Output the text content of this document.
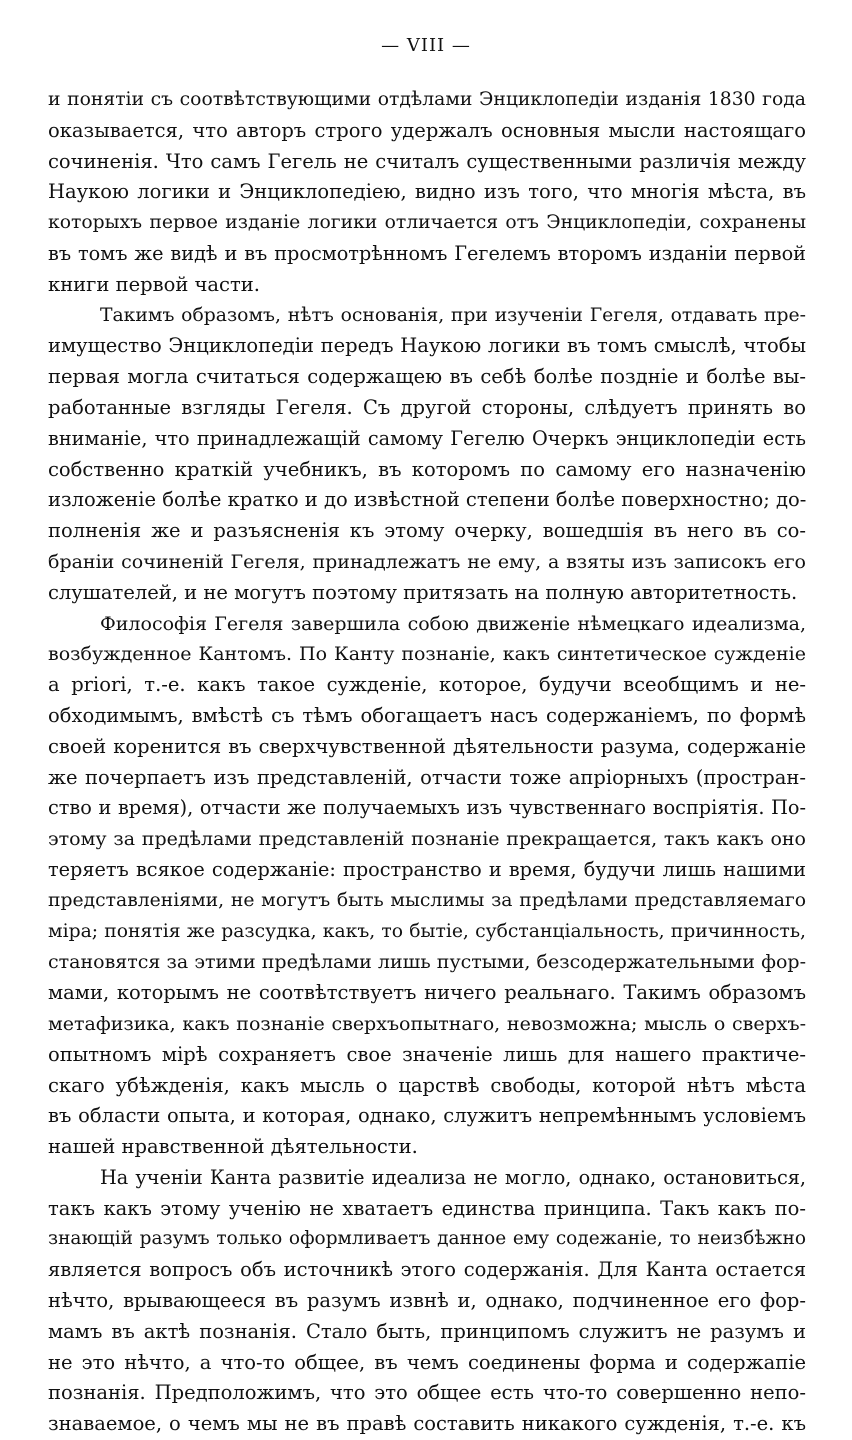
— VIII —
и понятіи съ соотвѣтствующими отдѣлами Энциклопедіи изданія 1830 года
оказывается, что авторъ строго удержалъ основныя мысли настоящаго
сочиненія. Что самъ Гегель не считалъ существенными различія между
Наукою логики и Энциклопедіею, видно изъ того, что многія мѣста, въ
которыхъ первое изданіе логики отличается отъ Энциклопедіи, сохранены
въ томъ же видѣ и въ просмотрѣнномъ Гегелемъ второмъ изданіи первой
книги первой части.
Такимъ образомъ, нѣтъ основанія, при изученіи Гегеля, отдавать пре-
имущество Энциклопедіи передъ Наукою логики въ томъ смыслѣ, чтобы
первая могла считаться содержащею въ себѣ болѣе поздніе и болѣе вы-
работанные взгляды Гегеля. Съ другой стороны, слѣдуетъ принять во
вниманіе, что принадлежащій самому Гегелю Очеркъ энциклопедіи есть
собственно краткій учебникъ, въ которомъ по самому его назначенію
изложеніе болѣе кратко и до извѣстной степени болѣе поверхностно; до-
полненія же и разъясненія къ этому очерку, вошедшія въ него въ со-
браніи сочиненій Гегеля, принадлежатъ не ему, а взяты изъ записокъ его
слушателей, и не могутъ поэтому притязать на полную авторитетность.
Философія Гегеля завершила собою движеніе нѣмецкаго идеализма,
возбужденное Кантомъ. По Канту познаніе, какъ синтетическое сужденіе
a priori, т.-е. какъ такое сужденіе, которое, будучи всеобщимъ и не-
обходимымъ, вмѣстѣ съ тѣмъ обогащаетъ насъ содержаніемъ, по формѣ
своей коренится въ сверхчувственной дѣятельности разума, содержаніе
же почерпаетъ изъ представленій, отчасти тоже апріорныхъ (простран-
ство и время), отчасти же получаемыхъ изъ чувственнаго воспріятія. По-
этому за предѣлами представленій познаніе прекращается, такъ какъ оно
теряетъ всякое содержаніе: пространство и время, будучи лишь нашими
представленіями, не могутъ быть мыслимы за предѣлами представляемаго
міра; понятія же разсудка, какъ, то бытіе, субстанціальность, причинность,
становятся за этими предѣлами лишь пустыми, безсодержательными фор-
мами, которымъ не соотвѣтствуетъ ничего реальнаго. Такимъ образомъ
метафизика, какъ познаніе сверхъопытнаго, невозможна; мысль о сверхъ-
опытномъ мірѣ сохраняетъ свое значеніе лишь для нашего практиче-
скаго убѣжденія, какъ мысль о царствѣ свободы, которой нѣтъ мѣста
въ области опыта, и которая, однако, служитъ непремѣннымъ условіемъ
нашей нравственной дѣятельности.
На ученіи Канта развитіе идеализа не могло, однако, остановиться,
такъ какъ этому ученію не хватаетъ единства принципа. Такъ какъ по-
знающій разумъ только оформливаетъ данное ему содежаніе, то неизбѣжно
является вопросъ объ источникѣ этого содержанія. Для Канта остается
нѣчто, врывающееся въ разумъ извнѣ и, однако, подчиненное его фор-
мамъ въ актѣ познанія. Стало быть, принципомъ служитъ не разумъ и
не это нѣчто, а что-то общее, въ чемъ соединены форма и содержапіе
познанія. Предположимъ, что это общее есть что-то совершенно непо-
знаваемое, о чемъ мы не въ правѣ составить никакого сужденія, т.-е. къ
